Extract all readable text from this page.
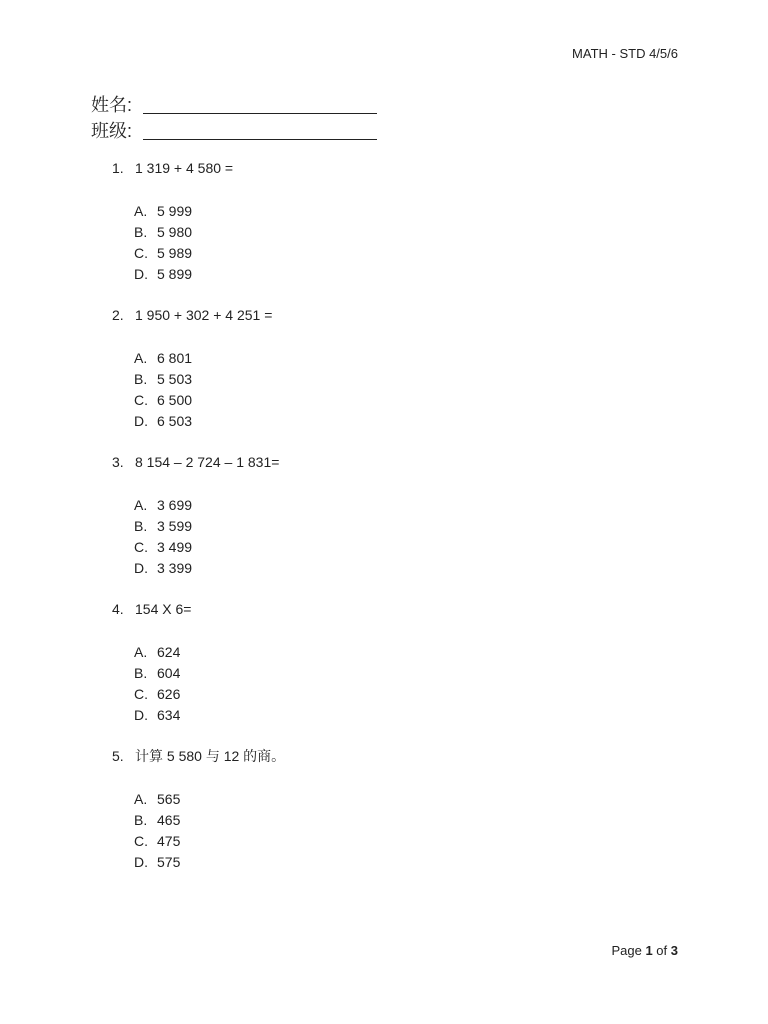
MATH - STD 4/5/6
姓名:
班级:
1. 1 319 + 4 580 =
A. 5 999
B. 5 980
C. 5 989
D. 5 899
2. 1 950 + 302 + 4 251 =
A. 6 801
B. 5 503
C. 6 500
D. 6 503
3. 8 154 – 2 724 – 1 831=
A. 3 699
B. 3 599
C. 3 499
D. 3 399
4. 154 X 6=
A. 624
B. 604
C. 626
D. 634
5. 计算 5 580 与 12 的商。
A. 565
B. 465
C. 475
D. 575
Page 1 of 3
